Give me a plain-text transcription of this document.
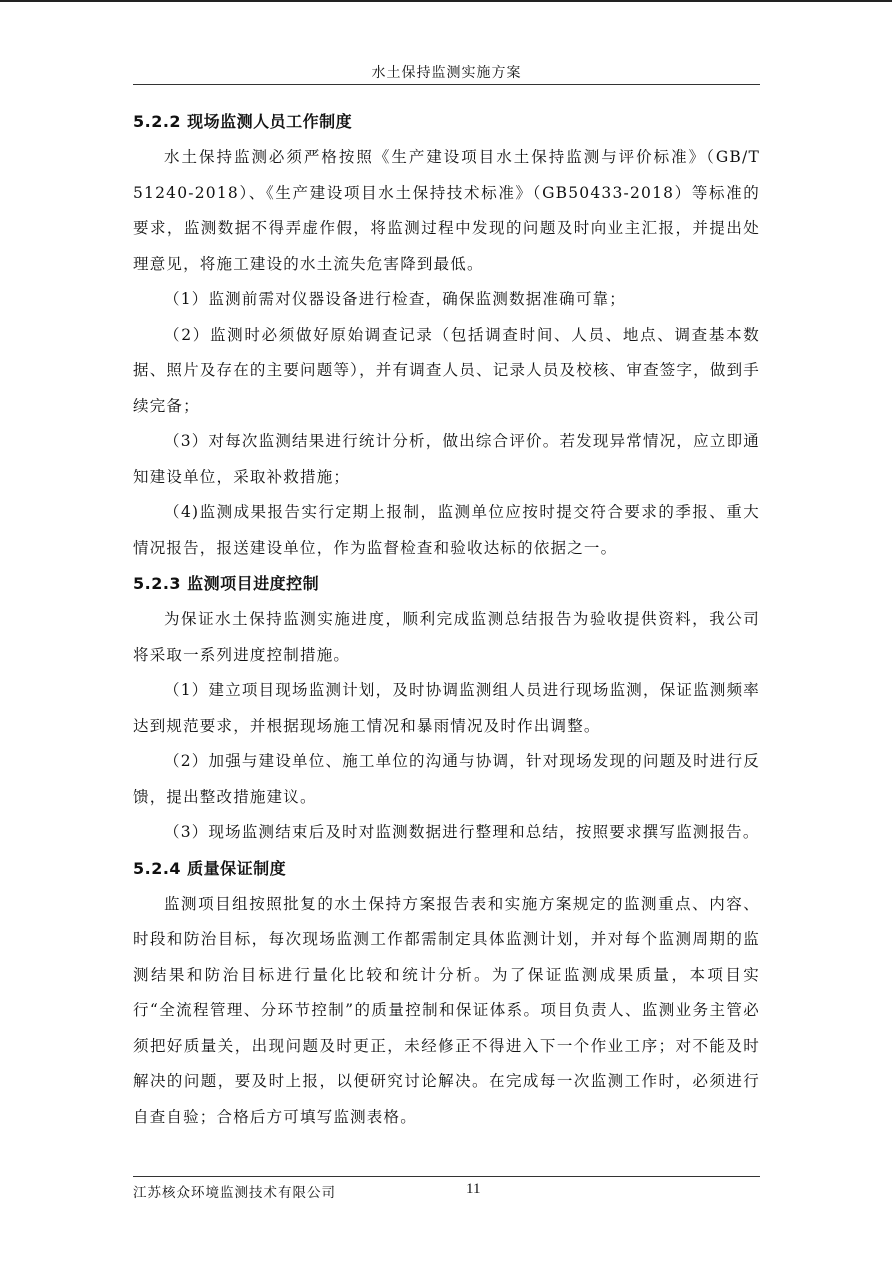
水土保持监测实施方案
5.2.2 现场监测人员工作制度

水土保持监测必须严格按照《生产建设项目水土保持监测与评价标准》（GB/T 51240-2018）、《生产建设项目水土保持技术标准》（GB50433-2018）等标准的要求，监测数据不得弄虚作假，将监测过程中发现的问题及时向业主汇报，并提出处理意见，将施工建设的水土流失危害降到最低。

（1）监测前需对仪器设备进行检查，确保监测数据准确可靠；

（2）监测时必须做好原始调查记录（包括调查时间、人员、地点、调查基本数据、照片及存在的主要问题等），并有调查人员、记录人员及校核、审查签字，做到手续完备；

（3）对每次监测结果进行统计分析，做出综合评价。若发现异常情况，应立即通知建设单位，采取补救措施；

（4)监测成果报告实行定期上报制，监测单位应按时提交符合要求的季报、重大情况报告，报送建设单位，作为监督检查和验收达标的依据之一。

5.2.3 监测项目进度控制

为保证水土保持监测实施进度，顺利完成监测总结报告为验收提供资料，我公司将采取一系列进度控制措施。

（1）建立项目现场监测计划，及时协调监测组人员进行现场监测，保证监测频率达到规范要求，并根据现场施工情况和暴雨情况及时作出调整。

（2）加强与建设单位、施工单位的沟通与协调，针对现场发现的问题及时进行反馈，提出整改措施建议。

（3）现场监测结束后及时对监测数据进行整理和总结，按照要求撰写监测报告。

5.2.4 质量保证制度

监测项目组按照批复的水土保持方案报告表和实施方案规定的监测重点、内容、时段和防治目标，每次现场监测工作都需制定具体监测计划，并对每个监测周期的监测结果和防治目标进行量化比较和统计分析。为了保证监测成果质量，本项目实行“全流程管理、分环节控制”的质量控制和保证体系。项目负责人、监测业务主管必须把好质量关，出现问题及时更正，未经修正不得进入下一个作业工序；对不能及时解决的问题，要及时上报，以便研究讨论解决。在完成每一次监测工作时，必须进行自查自验；合格后方可填写监测表格。

江苏核众环境监测技术有限公司	11
